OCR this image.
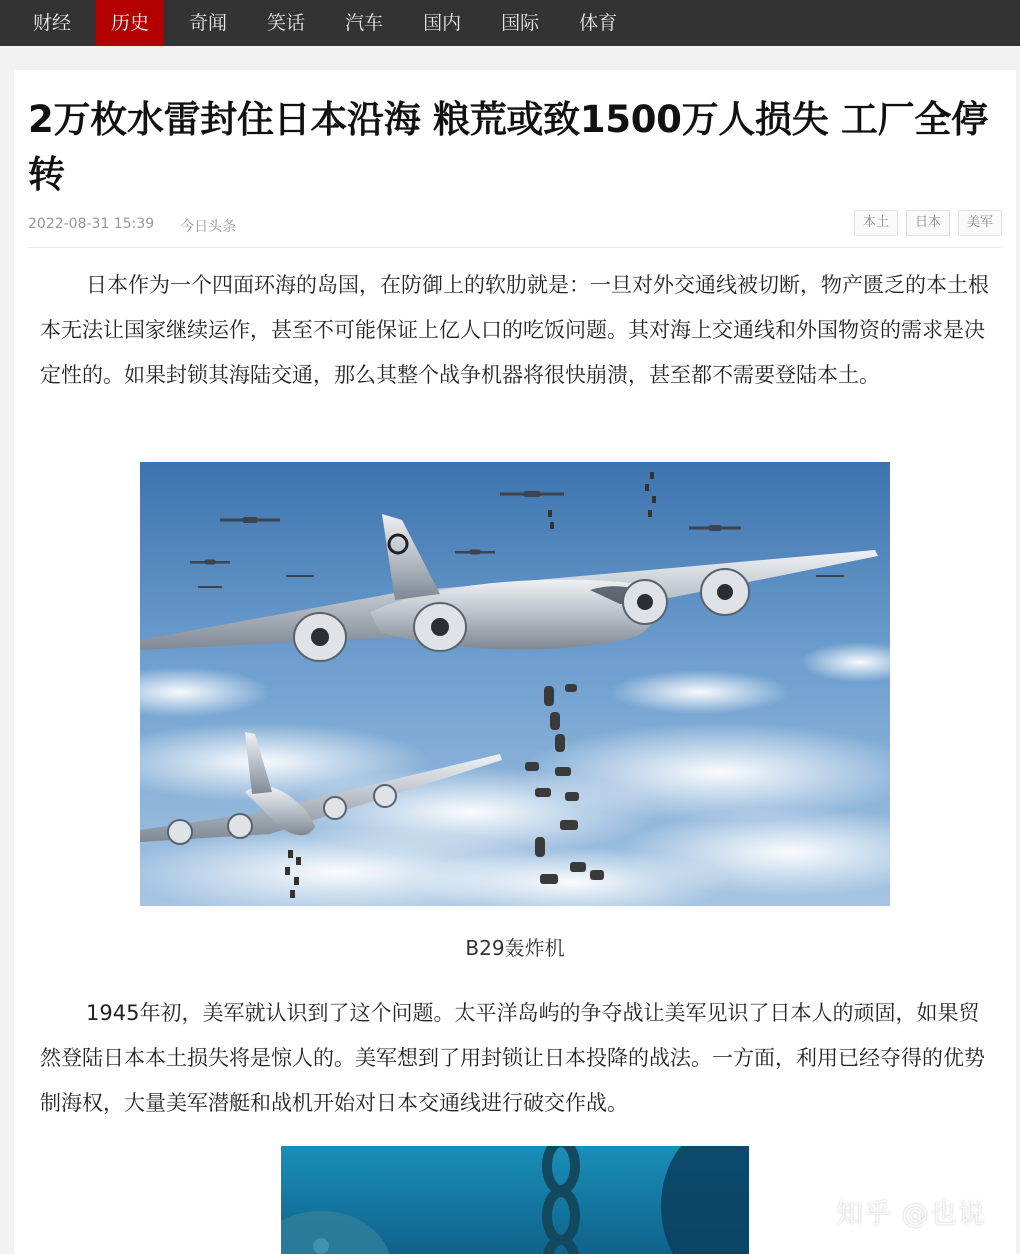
财经	历史	奇闻	笑话	汽车	国内	国际	体育
2万枚水雷封住日本沿海 粮荒或致1500万人损失 工厂全停转
2022-08-31 15:39 今日头条	本土	日本	美军

日本作为一个四面环海的岛国，在防御上的软肋就是：一旦对外交通线被切断，物产匮乏的本土根本无法让国家继续运作，甚至不可能保证上亿人口的吃饭问题。其对海上交通线和外国物资的需求是决定性的。如果封锁其海陆交通，那么其整个战争机器将很快崩溃，甚至都不需要登陆本土。

B29轰炸机

1945年初，美军就认识到了这个问题。太平洋岛屿的争夺战让美军见识了日本人的顽固，如果贸然登陆日本本土损失将是惊人的。美军想到了用封锁让日本投降的战法。一方面，利用已经夺得的优势制海权，大量美军潜艇和战机开始对日本交通线进行破交作战。

知乎 @也说
